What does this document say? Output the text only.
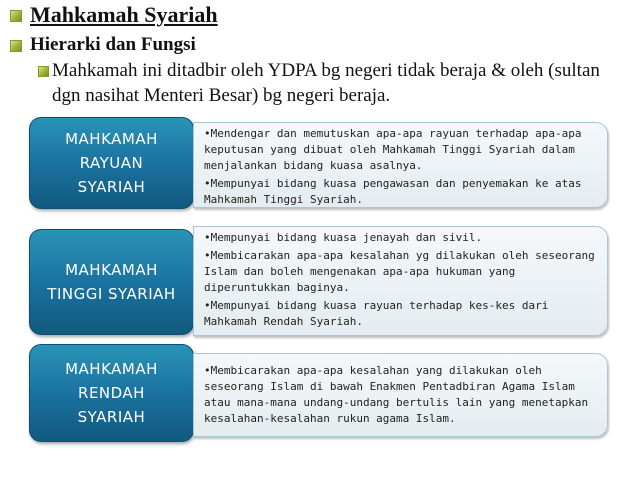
Mahkamah Syariah
Hierarki dan Fungsi
Mahkamah ini ditadbir oleh YDPA bg negeri tidak beraja & oleh (sultan dgn nasihat Menteri Besar) bg negeri beraja.
MAHKAMAH
RAYUAN
SYARIAH
•Mendengar dan memutuskan apa-apa rayuan terhadap apa-apa keputusan yang dibuat oleh Mahkamah Tinggi Syariah dalam menjalankan bidang kuasa asalnya.
•Mempunyai bidang kuasa pengawasan dan penyemakan ke atas Mahkamah Tinggi Syariah.
MAHKAMAH
TINGGI SYARIAH
•Mempunyai bidang kuasa jenayah dan sivil.
•Membicarakan apa-apa kesalahan yg dilakukan oleh seseorang Islam dan boleh mengenakan apa-apa hukuman yang diperuntukkan baginya.
•Mempunyai bidang kuasa rayuan terhadap kes-kes dari Mahkamah Rendah Syariah.
MAHKAMAH
RENDAH
SYARIAH
•Membicarakan apa-apa kesalahan yang dilakukan oleh seseorang Islam di bawah Enakmen Pentadbiran Agama Islam atau mana-mana undang-undang bertulis lain yang menetapkan kesalahan-kesalahan rukun agama Islam.
